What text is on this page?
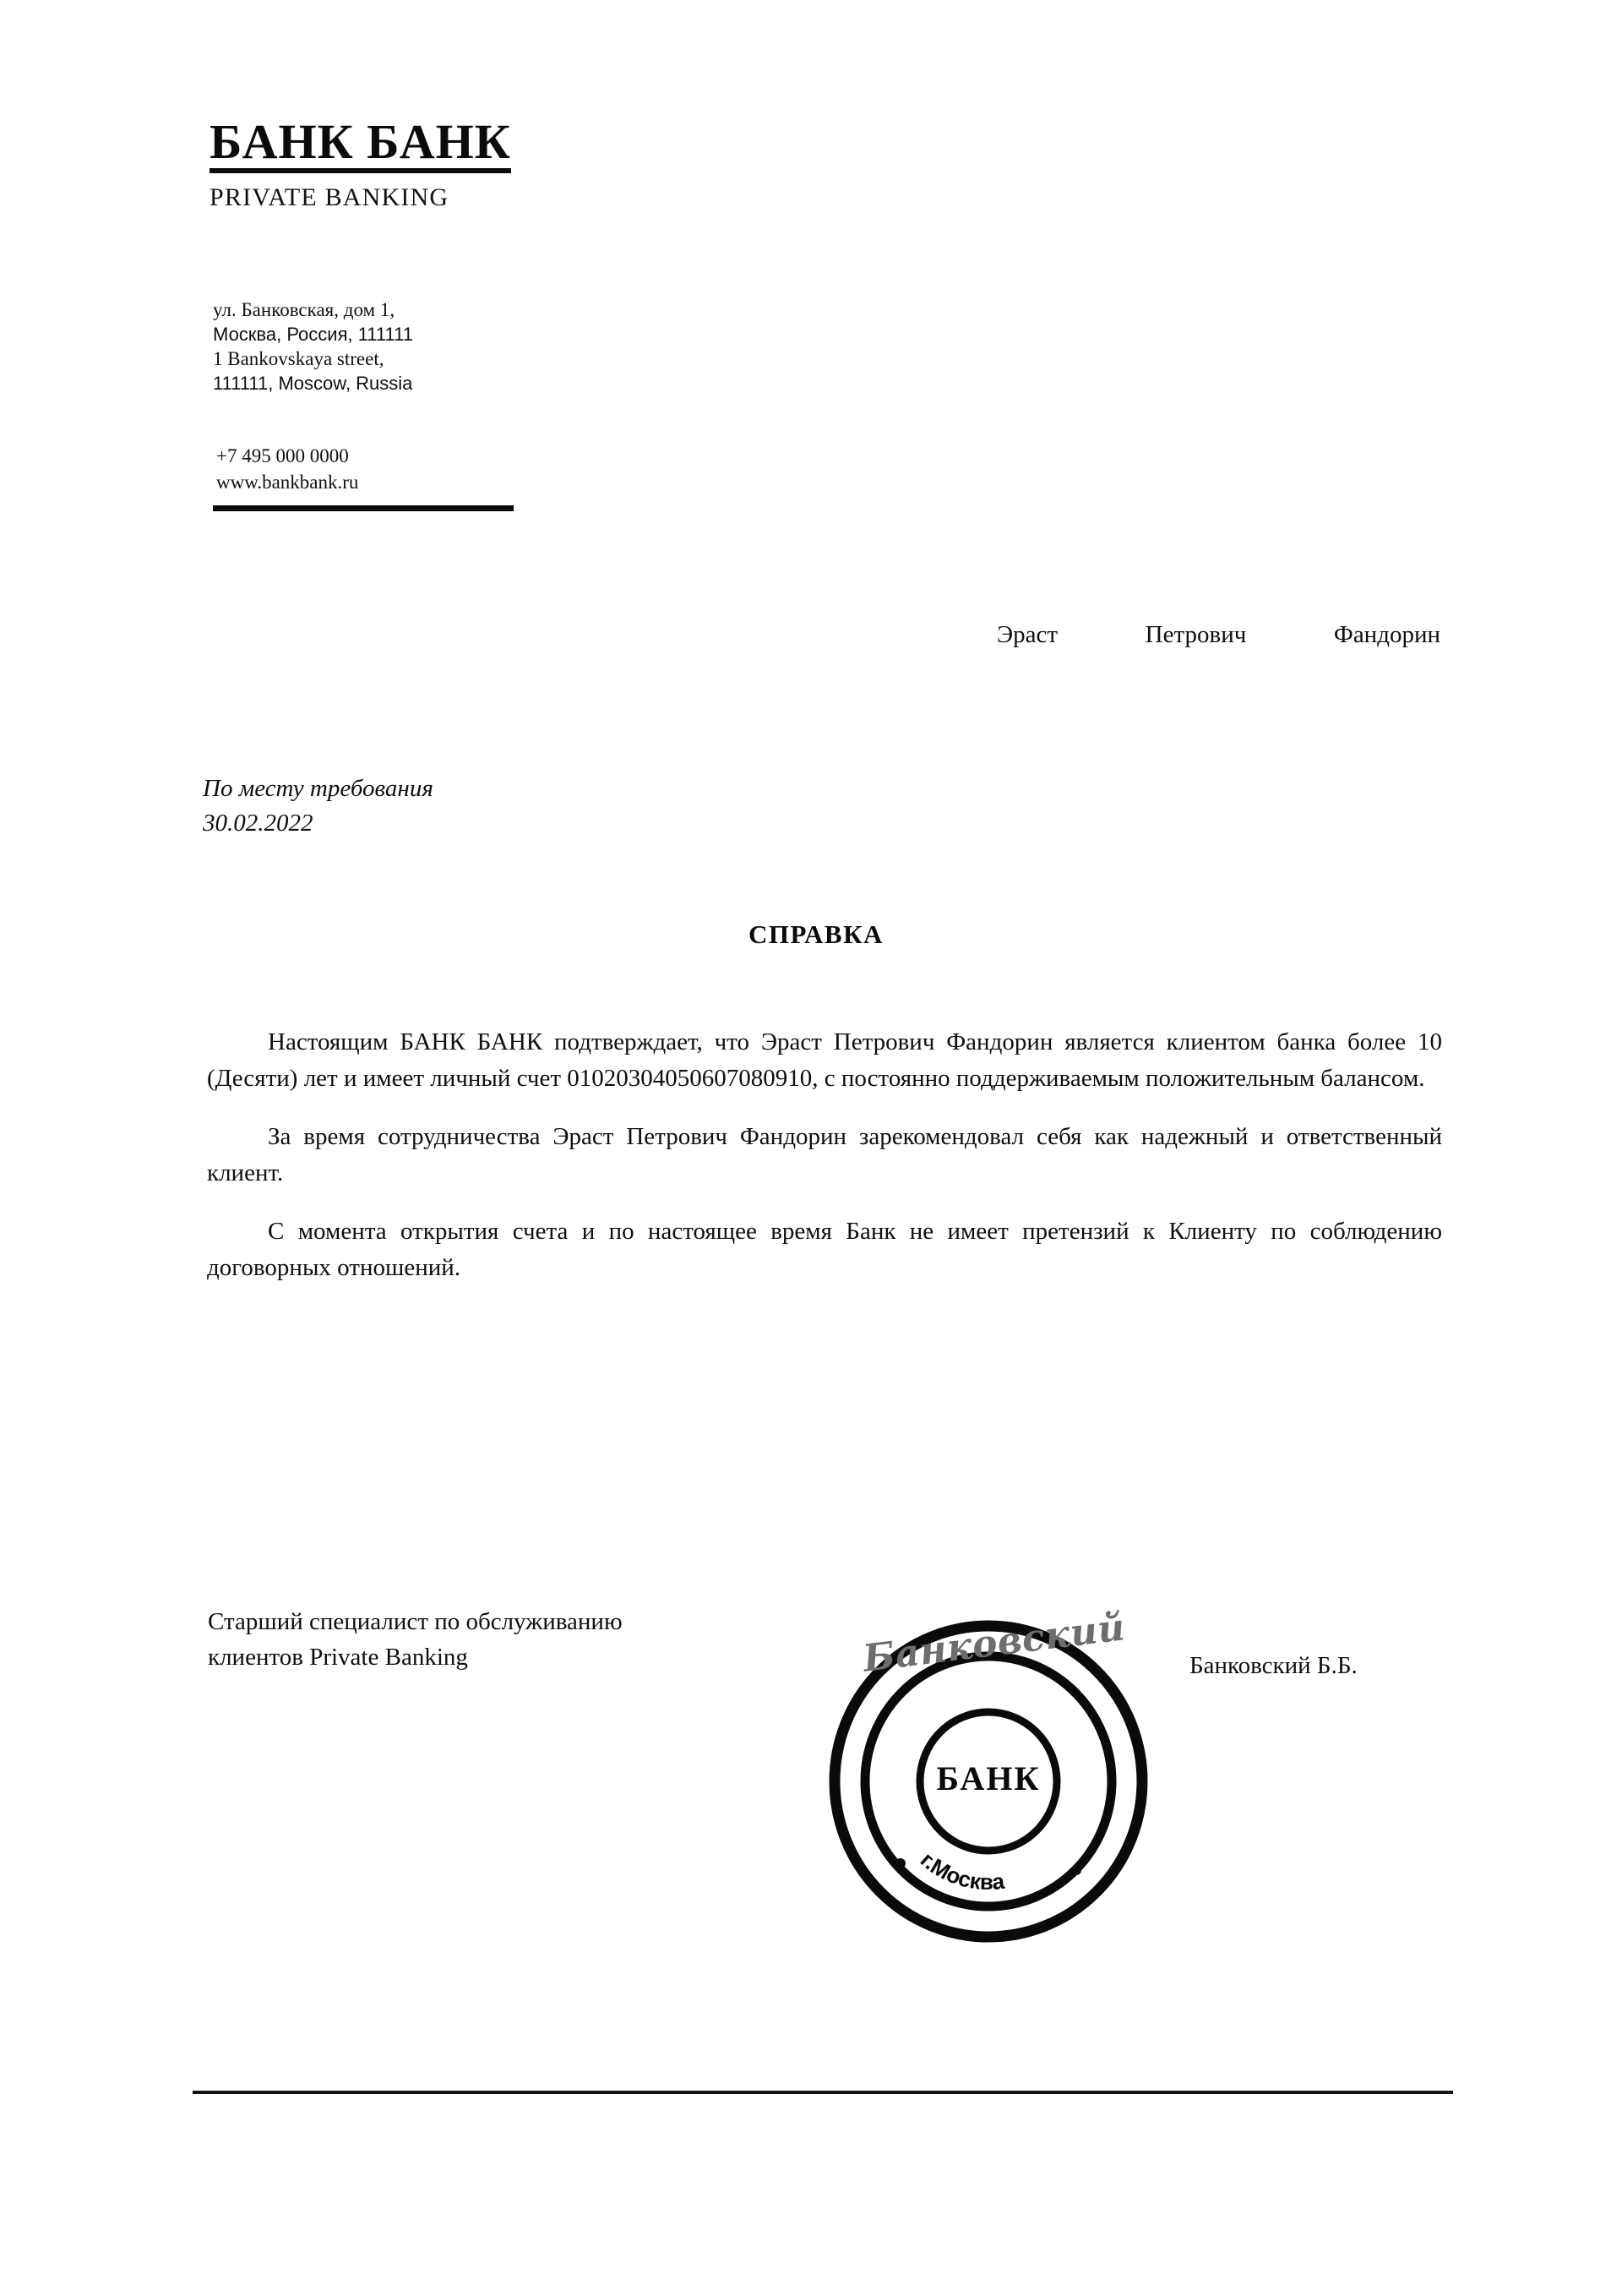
БАНК БАНК
PRIVATE BANKING
ул. Банковская, дом 1,
Москва, Россия, 111111
1 Bankovskaya street,
111111, Moscow, Russia
+7 495 000 0000
www.bankbank.ru
Эраст Петрович Фандорин
По месту требования
30.02.2022
СПРАВКА

Настоящим БАНК БАНК подтверждает, что Эраст Петрович Фандорин является клиентом банка более 10 (Десяти) лет и имеет личный счет 01020304050607080910, с постоянно поддерживаемым положительным балансом.

За время сотрудничества Эраст Петрович Фандорин зарекомендовал себя как надежный и ответственный клиент.

С момента открытия счета и по настоящее время Банк не имеет претензий к Клиенту по соблюдению договорных отношений.

Старший специалист по обслуживанию
клиентов Private Banking
г.Москва
БАНК
Банковский	Банковский Б.Б.
